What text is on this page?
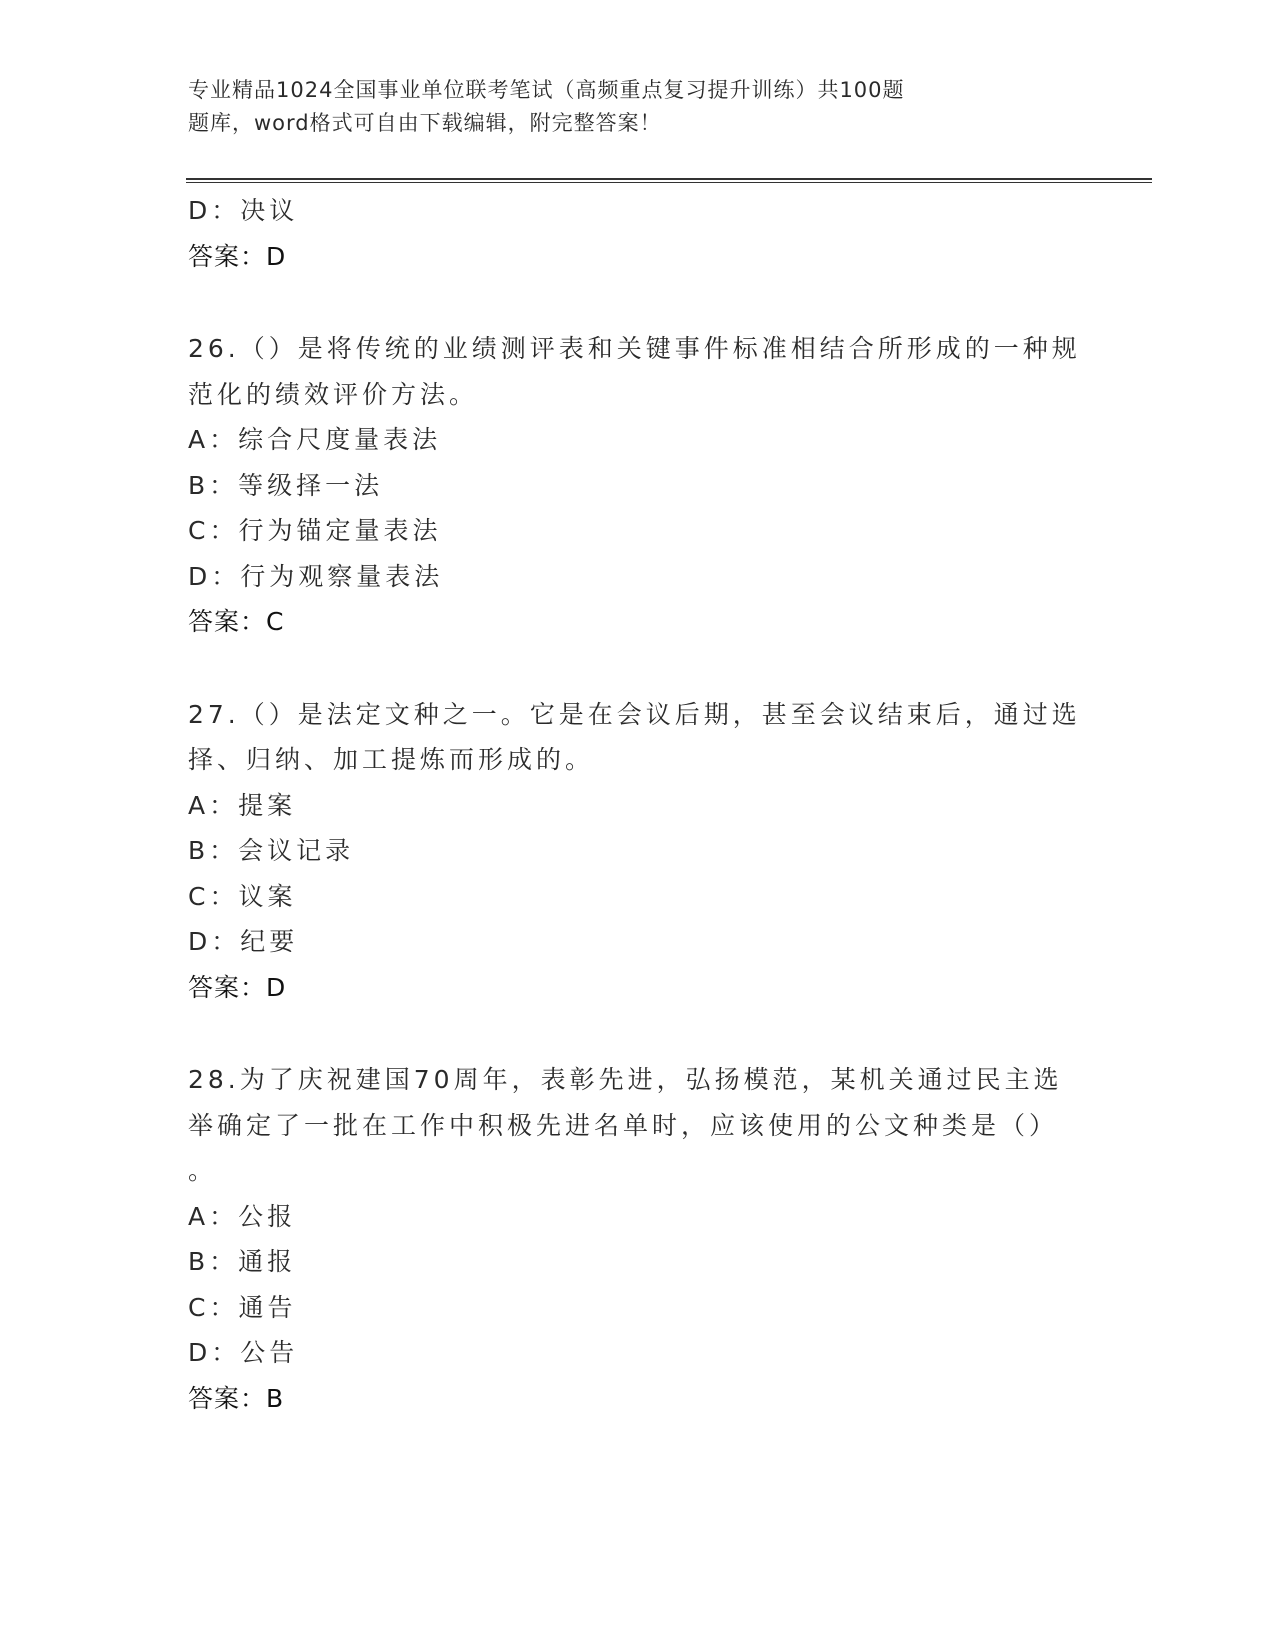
专业精品1024全国事业单位联考笔试（高频重点复习提升训练）共100题
题库，word格式可自由下载编辑，附完整答案！
D：决议
答案：D
26.（）是将传统的业绩测评表和关键事件标准相结合所形成的一种规
范化的绩效评价方法。
A：综合尺度量表法
B：等级择一法
C：行为锚定量表法
D：行为观察量表法
答案：C
27.（）是法定文种之一。它是在会议后期，甚至会议结束后，通过选
择、归纳、加工提炼而形成的。
A：提案
B：会议记录
C：议案
D：纪要
答案：D
28.为了庆祝建国70周年，表彰先进，弘扬模范，某机关通过民主选
举确定了一批在工作中积极先进名单时，应该使用的公文种类是（）
。
A：公报
B：通报
C：通告
D：公告
答案：B
